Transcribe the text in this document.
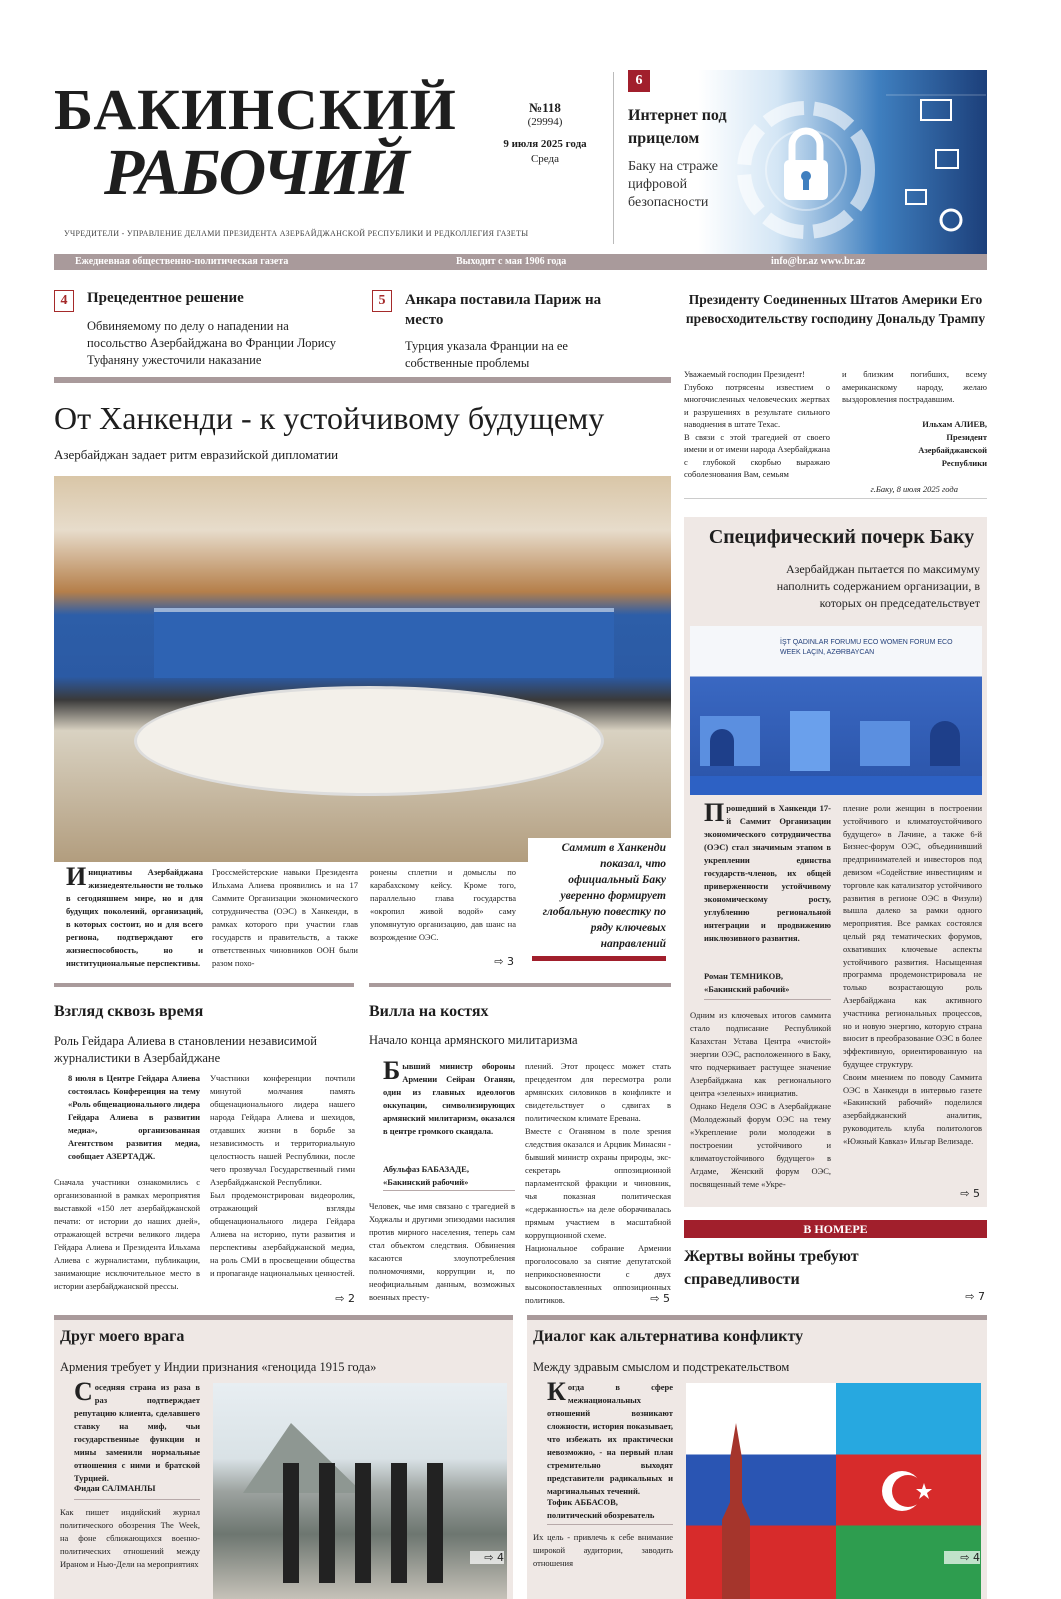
БАКИНСКИЙ
РАБОЧИЙ
№118
(29994)
9 июля 2025 года
Среда
УЧРЕДИТЕЛИ - УПРАВЛЕНИЕ ДЕЛАМИ ПРЕЗИДЕНТА АЗЕРБАЙДЖАНСКОЙ РЕСПУБЛИКИ И РЕДКОЛЛЕГИЯ ГАЗЕТЫ
6
Интернет под прицелом
Баку на страже цифровой безопасности
Ежедневная общественно-политическая газета	Выходит с мая 1906 года	info@br.az www.br.az
4 Прецедентное решение
Обвиняемому по делу о нападении на посольство Азербайджана во Франции Лорису Туфаняну ужесточили наказание
5 Анкара поставила Париж на место
Турция указала Франции на ее собственные проблемы
Президенту Соединенных Штатов Америки Его превосходительству господину Дональду Трампу
Уважаемый господин Президент!
Глубоко потрясены известием о многочисленных человеческих жертвах и разрушениях в результате сильного наводнения в штате Техас.
В связи с этой трагедией от своего имени и от имени народа Азербайджана с глубокой скорбью выражаю соболезнования Вам, семьям
и близким погибших, всему американскому народу, желаю выздоровления пострадавшим.
Ильхам АЛИЕВ,
Президент
Азербайджанской
Республики
г.Баку, 8 июля 2025 года
От Ханкенди - к устойчивому будущему
Азербайджан задает ритм евразийской дипломатии
Саммит в Ханкенди показал, что официальный Баку уверенно формирует глобальную повестку по ряду ключевых направлений
Инициативы Азербайджана жизнедеятельности не только в сегодняшнем мире, но и для будущих поколений, организаций, в которых состоит, но и для всего региона, подтверждают его жизнеспособность, но и институциональные перспективы.
Гроссмейстерские навыки Президента Ильхама Алиева проявились и на 17 Саммите Организации экономического сотрудничества (ОЭС) в Ханкенди, в рамках которого при участии глав государств и правительств, а также ответственных чиновников ООН были разом похо-
ронены сплетни и домыслы по карабахскому кейсу. Кроме того, параллельно глава государства «окропил живой водой» саму упомянутую организацию, дав шанс на возрождение ОЭС.
⇨ 3
Специфический почерк Баку
Азербайджан пытается по максимуму наполнить содержанием организации, в которых он председательствует
İŞT QADINLAR FORUMU ECO WOMEN FORUM ECO WEEK LAÇIN, AZƏRBAYCAN
Прошедший в Ханкенди 17-й Саммит Организации экономического сотрудничества (ОЭС) стал значимым этапом в укреплении единства государств-членов, их общей приверженности устойчивому экономическому росту, углублению региональной интеграции и продвижению инклюзивного развития.
Роман ТЕМНИКОВ,
«Бакинский рабочий»
Одним из ключевых итогов саммита стало подписание Республикой Казахстан Устава Центра «чистой» энергии ОЭС, расположенного в Баку, что подчеркивает растущее значение Азербайджана как регионального центра «зеленых» инициатив.
Однако Неделя ОЭС в Азербайджане (Молодежный форум ОЭС на тему «Укрепление роли молодежи в построении устойчивого и климатоустойчивого будущего» в Агдаме, Женский форум ОЭС, посвященный теме «Укре-
пление роли женщин в построении устойчивого и климатоустойчивого будущего» в Лачине, а также 6-й Бизнес-форум ОЭС, объединивший предпринимателей и инвесторов под девизом «Содействие инвестициям и торговле как катализатор устойчивого развития в регионе ОЭС в Физули) вышла далеко за рамки одного мероприятия. Все рамках состоялся целый ряд тематических форумов, охвативших ключевые аспекты устойчивого развития. Насыщенная программа продемонстрировала не только возрастающую роль Азербайджана как активного участника региональных процессов, но и новую энергию, которую страна вносит в преобразование ОЭС в более эффективную, ориентированную на будущее структуру.
Своим мнением по поводу Саммита ОЭС в Ханкенди в интервью газете «Бакинский рабочий» поделился азербайджанский аналитик, руководитель клуба политологов «Южный Кавказ» Ильгар Велизаде.
⇨ 5
В НОМЕРЕ
Жертвы войны требуют справедливости
⇨ 7
Взгляд сквозь время
Роль Гейдара Алиева в становлении независимой журналистики в Азербайджане
8 июля в Центре Гейдара Алиева состоялась Конференция на тему «Роль общенационального лидера Гейдара Алиева в развитии медиа», организованная Агентством развития медиа, сообщает АЗЕРТАДЖ.
Сначала участники ознакомились с организованной в рамках мероприятия выставкой «150 лет азербайджанской печати: от истории до наших дней», отражающей встречи великого лидера Гейдара Алиева и Президента Ильхама Алиева с журналистами, публикации, занимающие исключительное место в истории азербайджанской прессы.
Участники конференции почтили минутой молчания память общенационального лидера нашего народа Гейдара Алиева и шехидов, отдавших жизни в борьбе за независимость и территориальную целостность нашей Республики, после чего прозвучал Государственный гимн Азербайджанской Республики.
Был продемонстрирован видеоролик, отражающий взгляды общенационального лидера Гейдара Алиева на историю, пути развития и перспективы азербайджанской медиа, на роль СМИ в просвещении общества и пропаганде национальных ценностей.
⇨ 2
Вилла на костях
Начало конца армянского милитаризма
Бывший министр обороны Армении Сейран Оганян, один из главных идеологов оккупации, символизирующих армянский милитаризм, оказался в центре громкого скандала.
Абульфаз БАБАЗАДЕ,
«Бакинский рабочий»
Человек, чье имя связано с трагедией в Ходжалы и другими эпизодами насилия против мирного населения, теперь сам стал объектом следствия. Обвинения касаются злоупотребления полномочиями, коррупции и, по неофициальным данным, возможных военных престу-
плений. Этот процесс может стать прецедентом для пересмотра роли армянских силовиков в конфликте и свидетельствует о сдвигах в политическом климате Еревана.
Вместе с Оганяном в поле зрения следствия оказался и Арцвик Минасян - бывший министр охраны природы, экс-секретарь оппозиционной парламентской фракции и чиновник, чья показная политическая «сдержанность» на деле оборачивалась прямым участием в масштабной коррупционной схеме.
Национальное собрание Армении проголосовало за снятие депутатской неприкосновенности с двух высокопоставленных оппозиционных политиков.	⇨ 5
Друг моего врага
Армения требует у Индии признания «геноцида 1915 года»
Соседняя страна из раза в раз подтверждает репутацию клиента, сделавшего ставку на миф, чьи государственные функции и мины заменили нормальные отношения с ними и братской Турцией.
Фидан САЛМАНЛЫ
Как пишет индийский журнал политического обозрения The Week, на фоне сближающихся военно-политических отношений между Ираном и Нью-Дели на мероприятиях	⇨ 4
Диалог как альтернатива конфликту
Между здравым смыслом и подстрекательством
Когда в сфере межнациональных отношений возникают сложности, история показывает, что избежать их практически невозможно, - на первый план стремительно выходят представители радикальных и маргинальных течений.
Тофик АББАСОВ,
политический обозреватель
Их цель - привлечь к себе внимание широкой аудитории, заводить отношения	⇨ 4
